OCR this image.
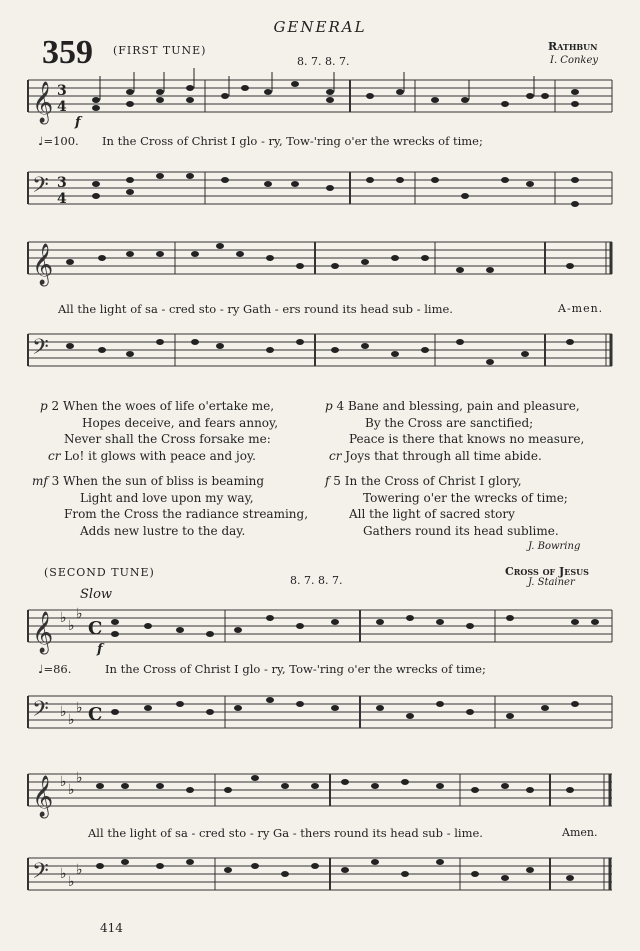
GENERAL
359 (FIRST TUNE)
8. 7. 8. 7.
Rathbun
I. Conkey
𝄞 3
4
f
♩=100. In the Cross of Christ I glo - ry, Tow-'ring o'er the wrecks of time;
𝄢 3
4
𝄞
All the light of sa - cred sto - ry Gath - ers round its head sub - lime.	A-men.
𝄢
p 2 When the woes of life o'ertake me,
Hopes deceive, and fears annoy,
Never shall the Cross forsake me:
cr Lo! it glows with peace and joy.
p 4 Bane and blessing, pain and pleasure,
By the Cross are sanctified;
Peace is there that knows no measure,
cr Joys that through all time abide.
mf 3 When the sun of bliss is beaming
Light and love upon my way,
From the Cross the radiance streaming,
Adds new lustre to the day.
f 5 In the Cross of Christ I glory,
Towering o'er the wrecks of time;
All the light of sacred story
Gathers round its head sublime.
J. Bowring
(SECOND TUNE)
8. 7. 8. 7.
Cross of Jesus
J. Stainer
Slow
𝄞 ♭ ♭
♭
C
f
♩=86.	In the Cross of Christ I glo - ry, Tow-'ring o'er the wrecks of time;
𝄢 ♭ ♭
♭ C
𝄞 ♭ ♭
♭
All the light of sa - cred sto - ry Ga - thers round its head sub - lime.	Amen.
𝄢 ♭ ♭
♭
414
